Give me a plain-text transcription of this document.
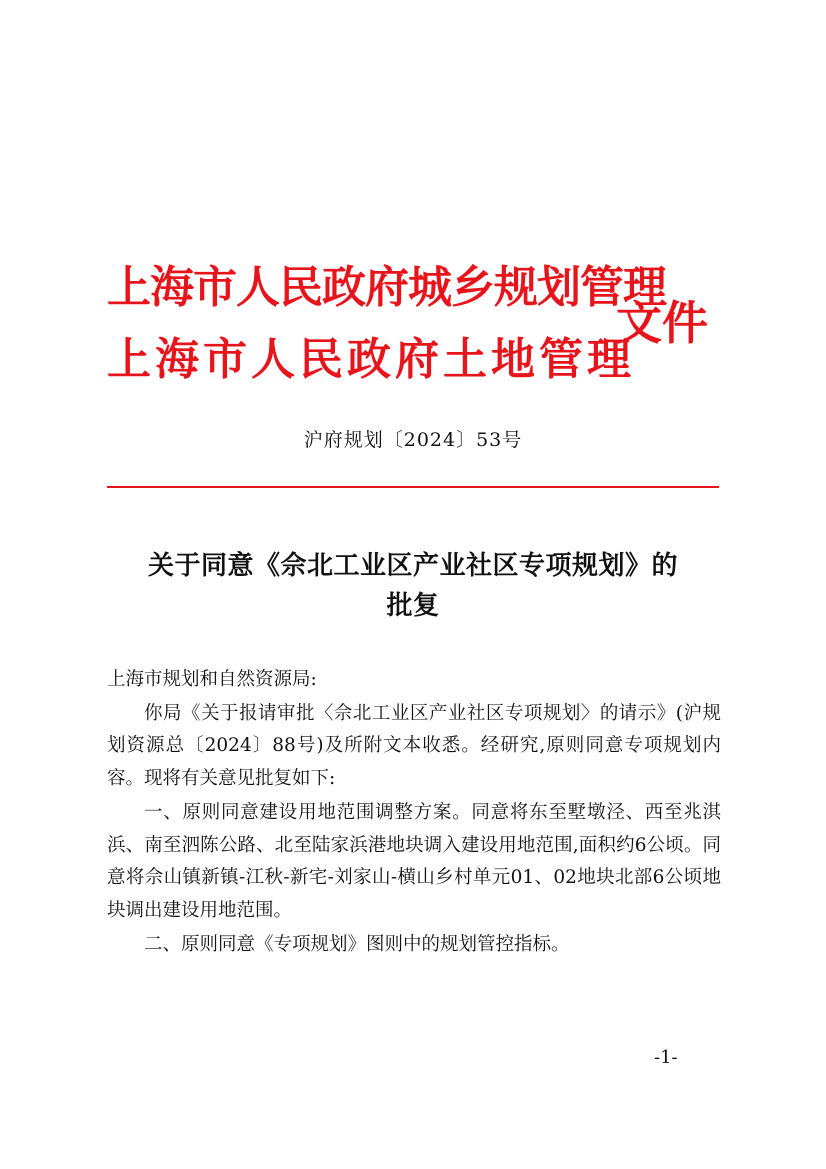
上海市人民政府城乡规划管理
上海市人民政府土地管理
文件
沪府规划〔2024〕53号
关于同意《佘北工业区产业社区专项规划》的
批复

上海市规划和自然资源局:

你局《关于报请审批〈佘北工业区产业社区专项规划〉的请示》(沪规划资源总〔2024〕88号)及所附文本收悉。经研究,原则同意专项规划内容。现将有关意见批复如下:

一、原则同意建设用地范围调整方案。同意将东至墅墩泾、西至兆淇浜、南至泗陈公路、北至陆家浜港地块调入建设用地范围,面积约6公顷。同意将佘山镇新镇-江秋-新宅-刘家山-横山乡村单元01、02地块北部6公顷地块调出建设用地范围。

二、原则同意《专项规划》图则中的规划管控指标。

-1-
